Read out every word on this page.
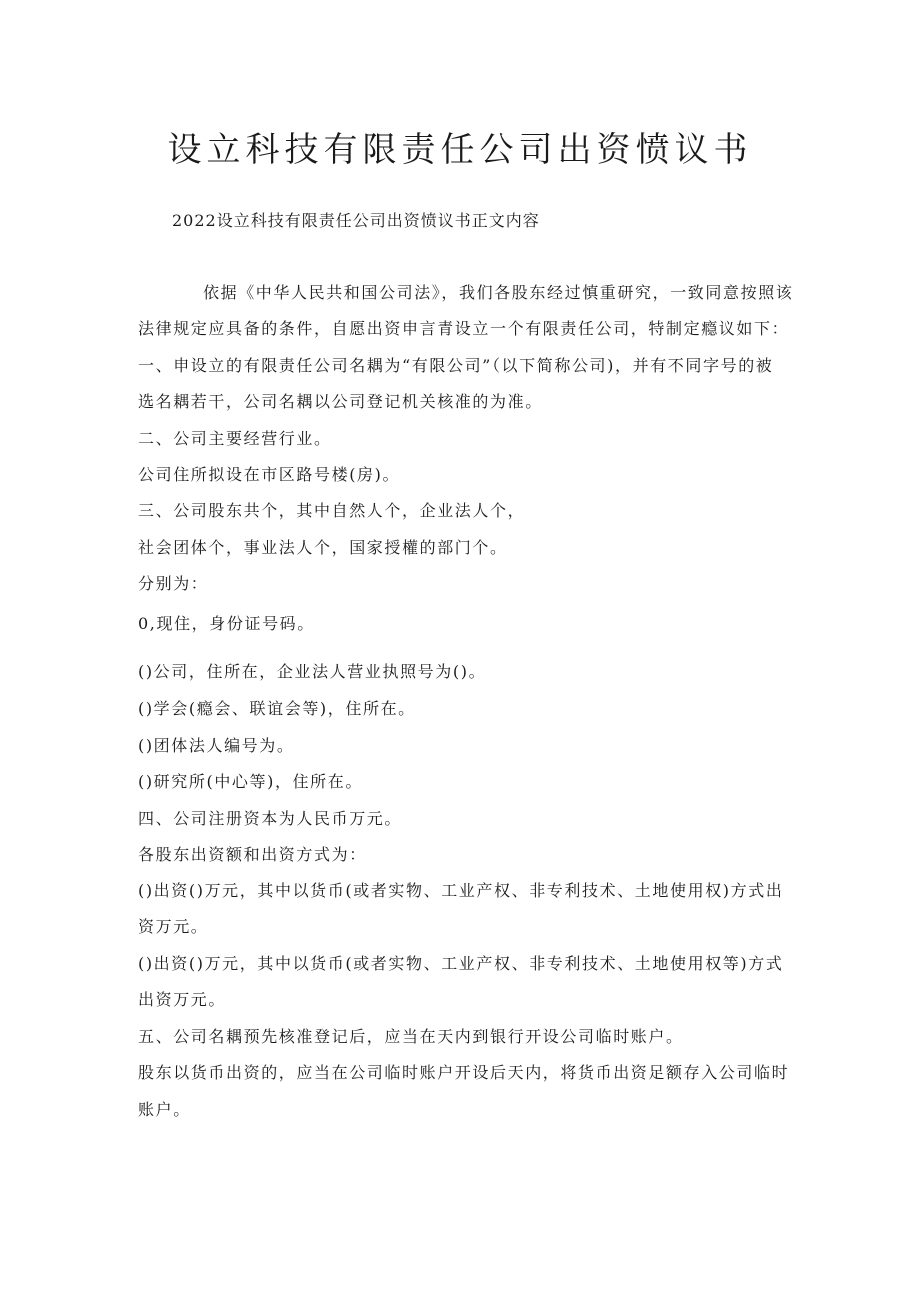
设立科技有限责任公司出资愤议书

2022设立科技有限责任公司出资愤议书正文内容

依据《中华人民共和国公司法》，我们各股东经过慎重研究，一致同意按照该

法律规定应具备的条件，自愿出资申言青设立一个有限责任公司，特制定瘾议如下：

一、申设立的有限责任公司名耦为“有限公司”（以下简称公司)，并有不同字号的被

选名耦若干，公司名耦以公司登记机关核准的为准。

二、公司主要经营行业。

公司住所拟设在市区路号楼(房)。

三、公司股东共个，其中自然人个，企业法人个，

社会团体个，事业法人个，国家授權的部门个。

分别为：

0,现住，身份证号码。

()公司，住所在，企业法人营业执照号为()。

()学会(瘾会、联谊会等)，住所在。

()团体法人编号为。

()研究所(中心等)，住所在。

四、公司注册资本为人民币万元。

各股东出资额和出资方式为：

()出资()万元，其中以货币(或者实物、工业产权、非专利技术、土地使用权)方式出

资万元。

()出资()万元，其中以货币(或者实物、工业产权、非专利技术、土地使用权等)方式

出资万元。

五、公司名耦预先核准登记后，应当在天内到银行开设公司临时账户。

股东以货币出资的，应当在公司临时账户开设后天内，将货币出资足额存入公司临时

账户。
